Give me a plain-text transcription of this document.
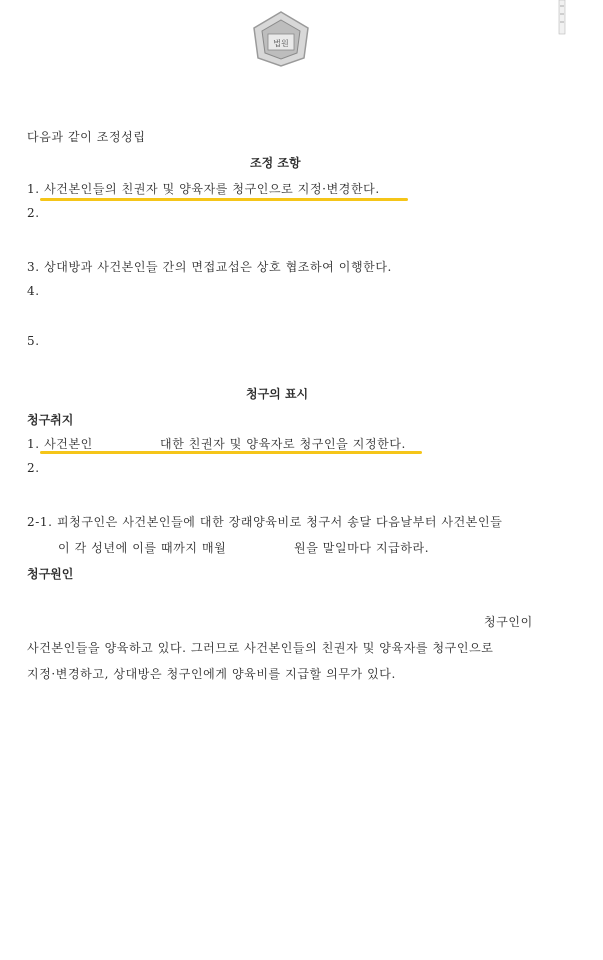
법원
다음과 같이 조정성립
조정 조항
1. 사건본인들의 친권자 및 양육자를 청구인으로 지정·변경한다.
2.
3. 상대방과 사건본인들 간의 면접교섭은 상호 협조하여 이행한다.
4.
5.
청구의 표시
청구취지
1. 사건본인	대한 친권자 및 양육자로 청구인을 지정한다.
2.
2-1. 피청구인은 사건본인들에 대한 장래양육비로 청구서 송달 다음날부터 사건본인들
이 각 성년에 이를 때까지 매월	원을 말일마다 지급하라.
청구원인
청구인이
사건본인들을 양육하고 있다. 그러므로 사건본인들의 친권자 및 양육자를 청구인으로
지정·변경하고, 상대방은 청구인에게 양육비를 지급할 의무가 있다.
